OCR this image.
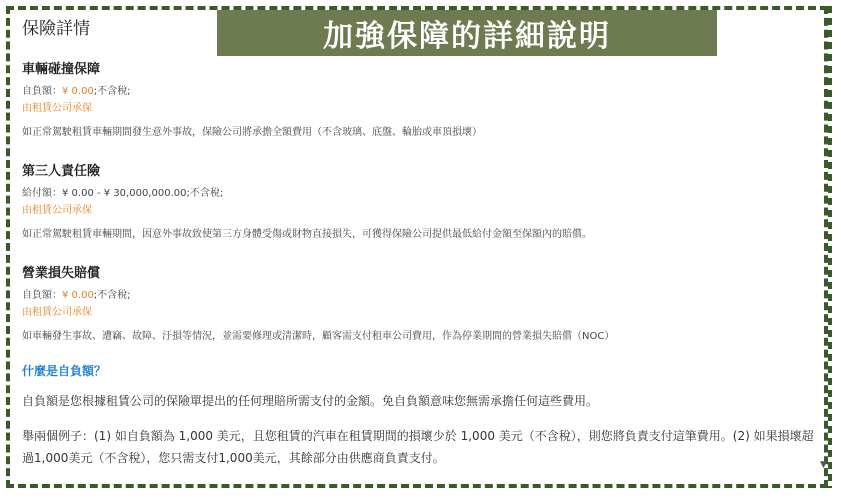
保險詳情	加強保障的詳細說明
車輛碰撞保障
自負額：¥ 0.00;不含稅;
由租賃公司承保
如正常駕駛租賃車輛期間發生意外事故，保險公司將承擔全額費用（不含玻璃、底盤、輪胎或車頂損壞）
第三人責任險
給付額：¥ 0.00 - ¥ 30,000,000.00;不含稅;
由租賃公司承保
如正常駕駛租賃車輛期間，因意外事故致使第三方身體受傷或財物直接損失，可獲得保險公司提供最低給付金額至保額內的賠償。
營業損失賠償
自負額：¥ 0.00;不含稅;
由租賃公司承保
如車輛發生事故、遭竊、故障、汙損等情況，並需要修理或清潔時，顧客需支付租車公司費用，作為停業期間的營業損失賠償（NOC）
什麼是自負額？
自負額是您根據租賃公司的保險單提出的任何理賠所需支付的金額。免自負額意味您無需承擔任何這些費用。
舉兩個例子：(1) 如自負額為 1,000 美元，且您租賃的汽車在租賃期間的損壞少於 1,000 美元（不含稅），則您將負責支付這筆費用。(2) 如果損壞超過1,000美元（不含稅），您只需支付1,000美元，其餘部分由供應商負責支付。	▼
